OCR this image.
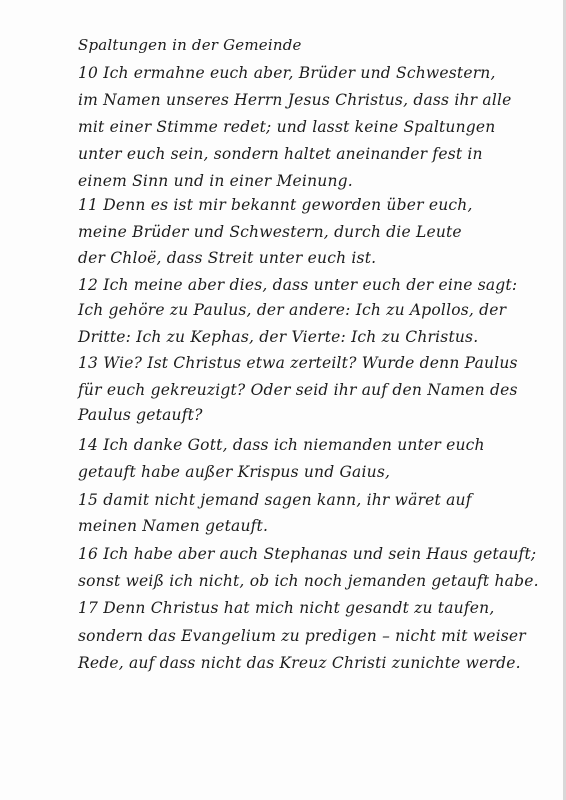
Spaltungen in der Gemeinde
10 Ich ermahne euch aber, Brüder und Schwestern,
im Namen unseres Herrn Jesus Christus, dass ihr alle
mit einer Stimme redet; und lasst keine Spaltungen
unter euch sein, sondern haltet aneinander fest in
einem Sinn und in einer Meinung.
11 Denn es ist mir bekannt geworden über euch,
meine Brüder und Schwestern, durch die Leute
der Chloë, dass Streit unter euch ist.
12 Ich meine aber dies, dass unter euch der eine sagt:
Ich gehöre zu Paulus, der andere: Ich zu Apollos, der
Dritte: Ich zu Kephas, der Vierte: Ich zu Christus.
13 Wie? Ist Christus etwa zerteilt? Wurde denn Paulus
für euch gekreuzigt? Oder seid ihr auf den Namen des
Paulus getauft?
14 Ich danke Gott, dass ich niemanden unter euch
getauft habe außer Krispus und Gaius,
15 damit nicht jemand sagen kann, ihr wäret auf
meinen Namen getauft.
16 Ich habe aber auch Stephanas und sein Haus getauft;
sonst weiß ich nicht, ob ich noch jemanden getauft habe.
17 Denn Christus hat mich nicht gesandt zu taufen,
sondern das Evangelium zu predigen – nicht mit weiser
Rede, auf dass nicht das Kreuz Christi zunichte werde.
